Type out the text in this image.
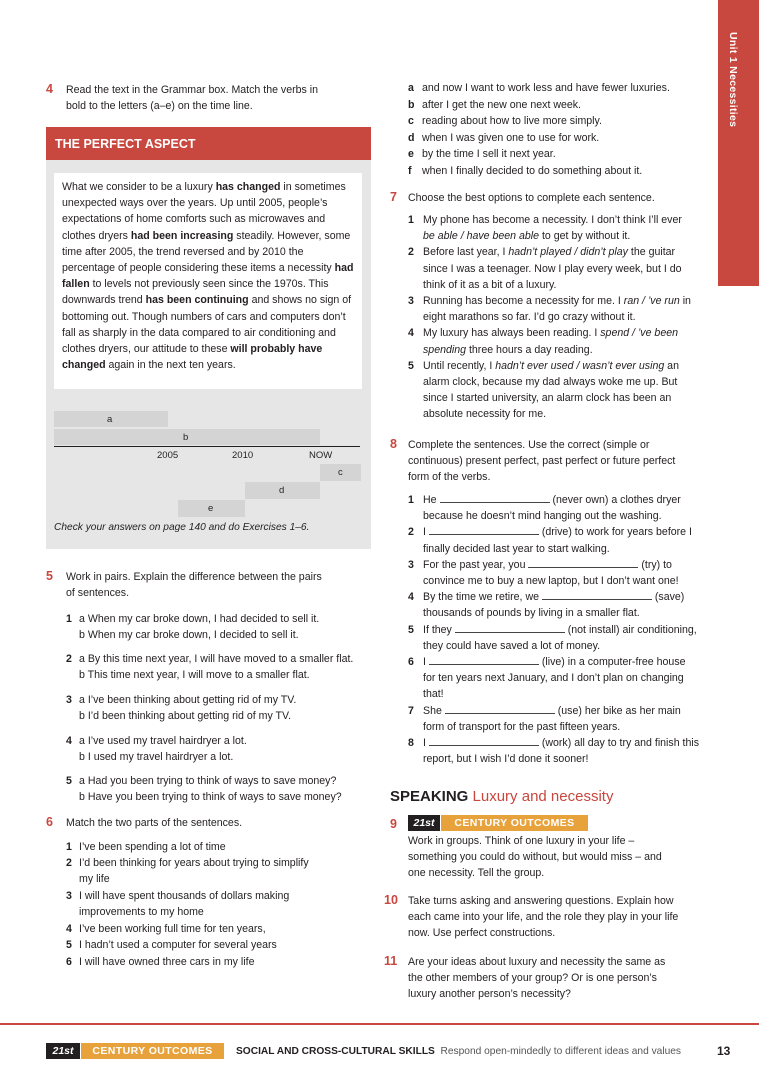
Unit 1 Necessities
4 Read the text in the Grammar box. Match the verbs in
bold to the letters (a–e) on the time line.
THE PERFECT ASPECT

What we consider to be a luxury has changed in sometimes unexpected ways over the years. Up until 2005, people’s expectations of home comforts such as microwaves and clothes dryers had been increasing steadily. However, some time after 2005, the trend reversed and by 2010 the percentage of people considering these items a necessity had fallen to levels not previously seen since the 1970s. This downwards trend has been continuing and shows no sign of bottoming out. Though numbers of cars and computers don’t fall as sharply in the data compared to air conditioning and clothes dryers, our attitude to these will probably have changed again in the next ten years.

a
b
2005	2010	NOW
c
d
e
Check your answers on page 140 and do Exercises 1–6.
5 Work in pairs. Explain the difference between the pairs
of sentences.
6 Match the two parts of the sentences.
7 Choose the best options to complete each sentence.
8 Complete the sentences. Use the correct (simple or
continuous) present perfect, past perfect or future perfect
form of the verbs.
SPEAKING Luxury and necessity
9	21st	CENTURY OUTCOMES
Work in groups. Think of one luxury in your life –
something you could do without, but would miss – and
one necessity. Tell the group.
10 Take turns asking and answering questions. Explain how
each came into your life, and the role they play in your life
now. Use perfect constructions.
11 Are your ideas about luxury and necessity the same as
the other members of your group? Or is one person’s
luxury another person’s necessity?
21st	CENTURY OUTCOMES	SOCIAL AND CROSS-CULTURAL SKILLS Respond open-mindedly to different ideas and values	13
1 a When my car broke down, I had decided to sell it.
b When my car broke down, I decided to sell it.
2 a By this time next year, I will have moved to a smaller flat.
b This time next year, I will move to a smaller flat.
3 a I’ve been thinking about getting rid of my TV.
b I’d been thinking about getting rid of my TV.
4 a I’ve used my travel hairdryer a lot.
b I used my travel hairdryer a lot.
5 a Had you been trying to think of ways to save money?
b Have you been trying to think of ways to save money?
1 I’ve been spending a lot of time
2 I’d been thinking for years about trying to simplify
my life
3 I will have spent thousands of dollars making
improvements to my home
4 I’ve been working full time for ten years,
5 I hadn’t used a computer for several years
6 I will have owned three cars in my life
a and now I want to work less and have fewer luxuries.
b after I get the new one next week.
c reading about how to live more simply.
d when I was given one to use for work.
e by the time I sell it next year.
f when I finally decided to do something about it.
1 My phone has become a necessity. I don’t think I’ll ever
be able / have been able to get by without it.
2 Before last year, I hadn’t played / didn’t play the guitar
since I was a teenager. Now I play every week, but I do
think of it as a bit of a luxury.
3 Running has become a necessity for me. I ran / ’ve run in
eight marathons so far. I’d go crazy without it.
4 My luxury has always been reading. I spend / ’ve been
spending three hours a day reading.
5 Until recently, I hadn’t ever used / wasn’t ever using an
alarm clock, because my dad always woke me up. But
since I started university, an alarm clock has been an
absolute necessity for me.
1 He	(never own) a clothes dryer
because he doesn’t mind hanging out the washing.
2 I	(drive) to work for years before I
finally decided last year to start walking.
3 For the past year, you	(try) to
convince me to buy a new laptop, but I don’t want one!
4 By the time we retire, we	(save)
thousands of pounds by living in a smaller flat.
5 If they	(not install) air conditioning,
they could have saved a lot of money.
6 I	(live) in a computer-free house
for ten years next January, and I don’t plan on changing
that!
7 She	(use) her bike as her main
form of transport for the past fifteen years.
8 I	(work) all day to try and finish this
report, but I wish I’d done it sooner!
